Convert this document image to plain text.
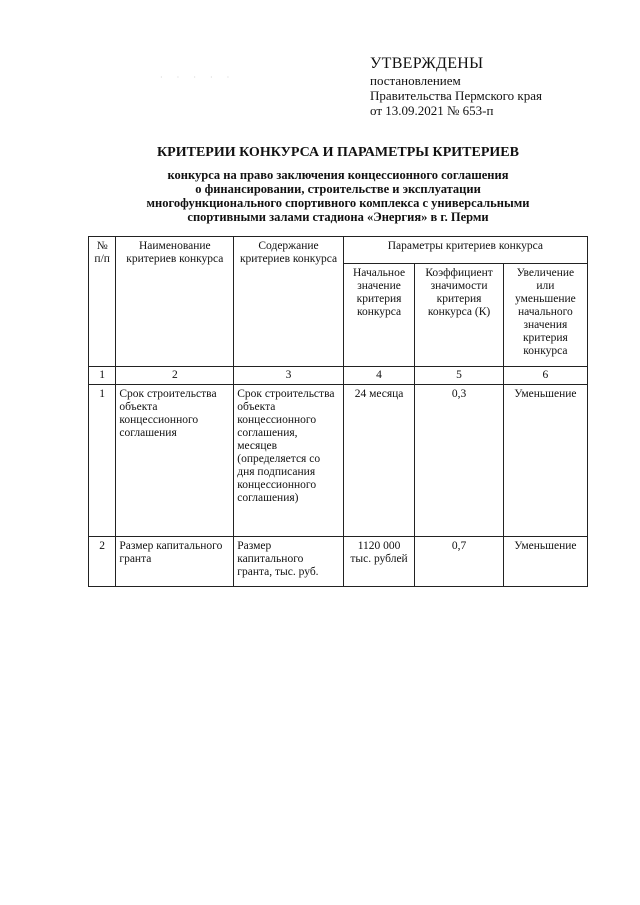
· · · · ·
УТВЕРЖДЕНЫ
постановлением
Правительства Пермского края
от 13.09.2021 № 653-п
КРИТЕРИИ КОНКУРСА И ПАРАМЕТРЫ КРИТЕРИЕВ
конкурса на право заключения концессионного соглашения
о финансировании, строительстве и эксплуатации
многофункционального спортивного комплекса с универсальными
спортивными залами стадиона «Энергия» в г. Перми
№ п/п	Наименование критериев конкурса	Содержание критериев конкурса	Параметры критериев конкурса		
			Начальное значение критерия конкурса	Коэффициент значимости критерия конкурса (К)	Увеличение или уменьшение начального значения критерия конкурса
1	2	3	4	5	6
1	Срок строительства объекта концессионного соглашения	Срок строительства объекта концессионного соглашения, месяцев (определяется со дня подписания концессионного соглашения)	24 месяца	0,3	Уменьшение
2	Размер капитального гранта	Размер капитального гранта, тыс. руб.	1120 000 тыс. рублей	0,7	Уменьшение
